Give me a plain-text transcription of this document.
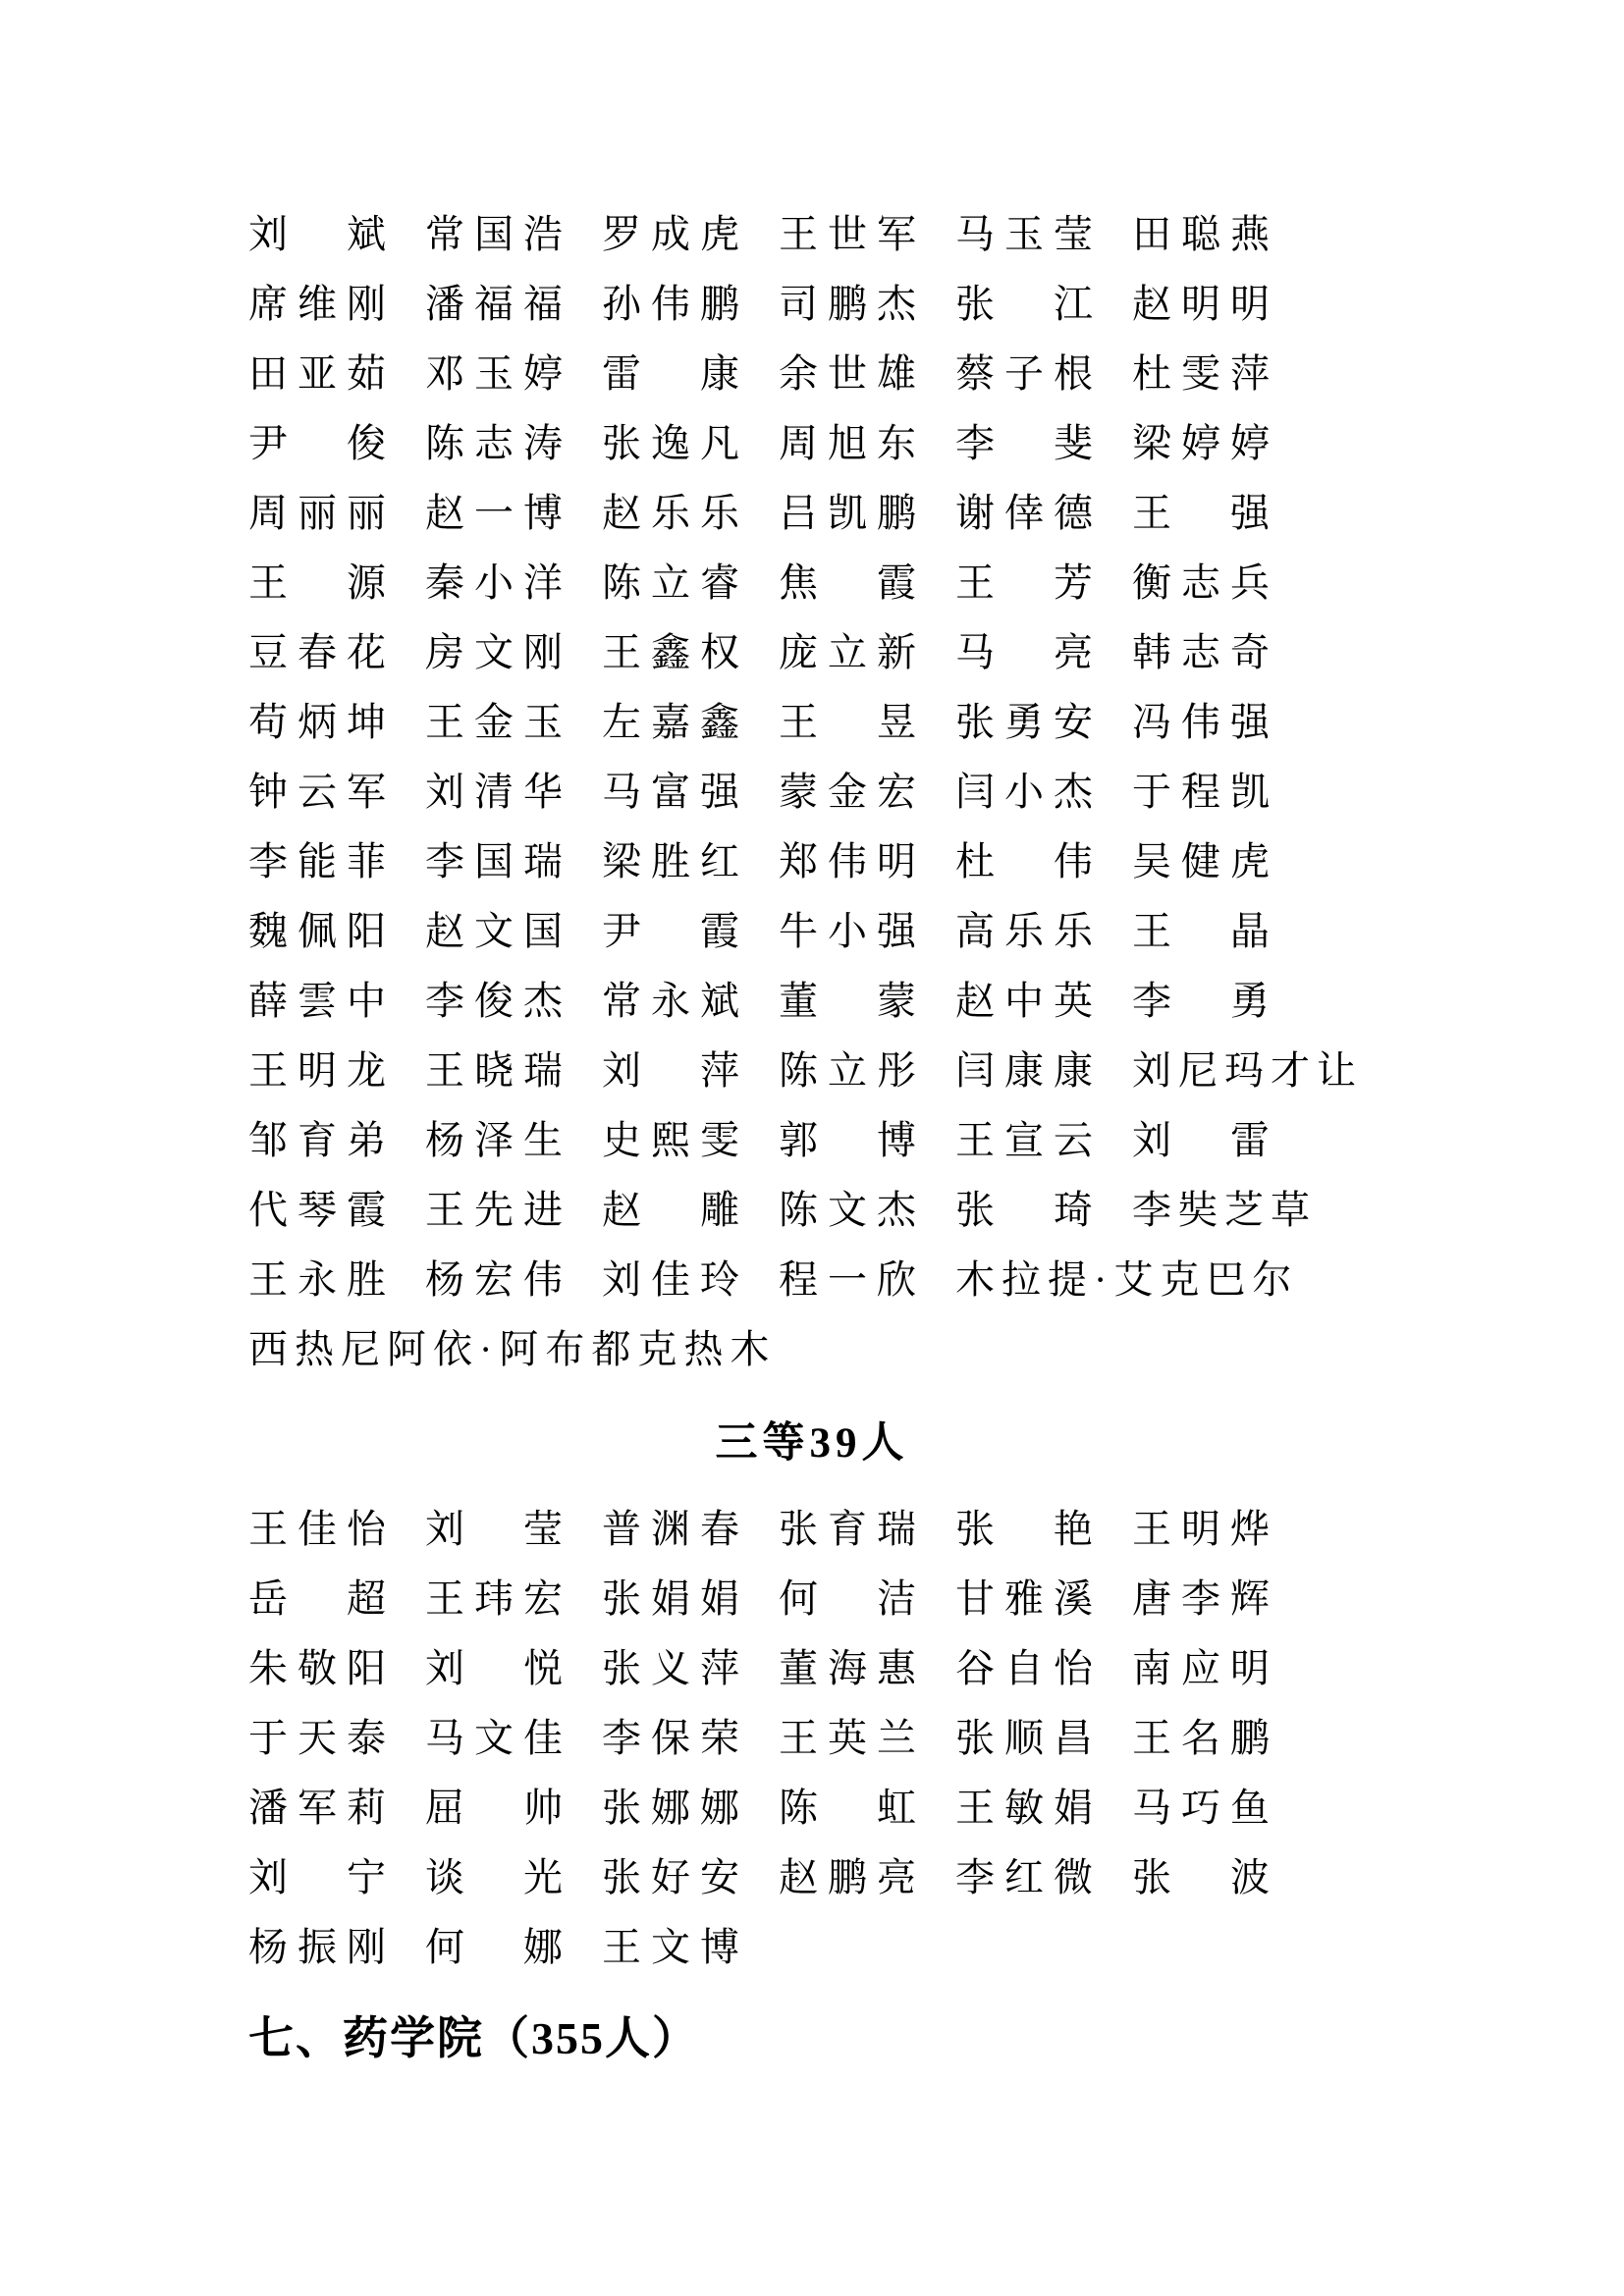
刘 斌 常 国 浩 罗 成 虎 王 世 军 马 玉 莹 田 聪 燕
席 维 刚 潘 福 福 孙 伟 鹏 司 鹏 杰 张 江 赵 明 明
田 亚 茹 邓 玉 婷 雷 康 余 世 雄 蔡 子 根 杜 雯 萍
尹 俊 陈 志 涛 张 逸 凡 周 旭 东 李 斐 梁 婷 婷
周 丽 丽 赵 一 博 赵 乐 乐 吕 凯 鹏 谢 倖 德 王 强
王 源 秦 小 洋 陈 立 睿 焦 霞 王 芳 衡 志 兵
豆 春 花 房 文 刚 王 鑫 权 庞 立 新 马 亮 韩 志 奇
苟 炳 坤 王 金 玉 左 嘉 鑫 王 昱 张 勇 安 冯 伟 强
钟 云 军 刘 清 华 马 富 强 蒙 金 宏 闫 小 杰 于 程 凯
李 能 菲 李 国 瑞 梁 胜 红 郑 伟 明 杜 伟 吴 健 虎
魏 佩 阳 赵 文 国 尹 霞 牛 小 强 高 乐 乐 王 晶
薛 雲 中 李 俊 杰 常 永 斌 董 蒙 赵 中 英 李 勇
王 明 龙 王 晓 瑞 刘 萍 陈 立 彤 闫 康 康 刘尼玛才让
邹 育 弟 杨 泽 生 史 熙 雯 郭 博 王 宣 云 刘 雷
代 琴 霞 王 先 进 赵 雕 陈 文 杰 张 琦 李奘芝草
王 永 胜 杨 宏 伟 刘 佳 玲 程 一 欣 木拉提·艾克巴尔
西热尼阿依·阿布都克热木
三等39人
王 佳 怡 刘 莹 普 渊 春 张 育 瑞 张 艳 王 明 烨
岳 超 王 玮 宏 张 娟 娟 何 洁 甘 雅 溪 唐 李 辉
朱 敬 阳 刘 悦 张 义 萍 董 海 惠 谷 自 怡 南 应 明
于 天 泰 马 文 佳 李 保 荣 王 英 兰 张 顺 昌 王 名 鹏
潘 军 莉 屈 帅 张 娜 娜 陈 虹 王 敏 娟 马 巧 鱼
刘 宁 谈 光 张 好 安 赵 鹏 亮 李 红 微 张 波
杨 振 刚 何 娜 王 文 博
七、药学院（355人）
